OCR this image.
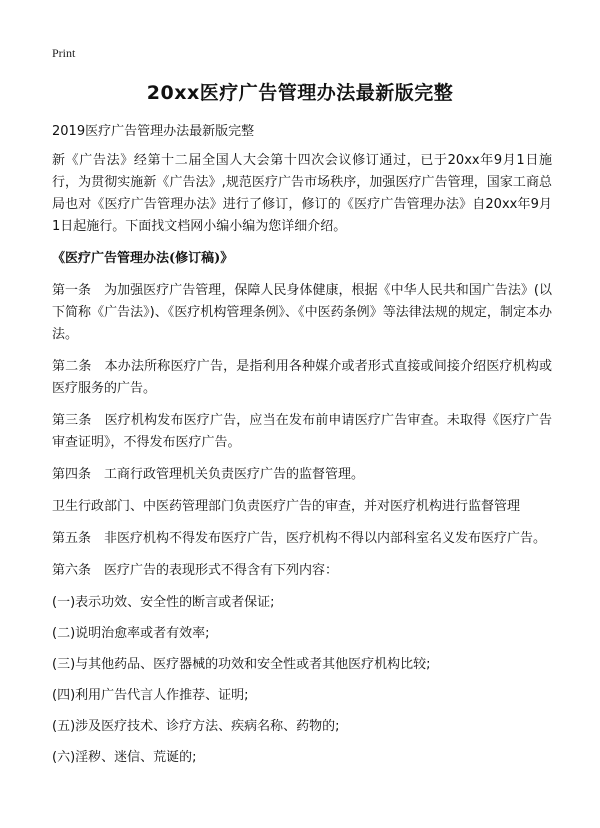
Print
20xx医疗广告管理办法最新版完整

2019医疗广告管理办法最新版完整

新《广告法》经第十二届全国人大会第十四次会议修订通过，已于20xx年9月1日施行，为贯彻实施新《广告法》,规范医疗广告市场秩序，加强医疗广告管理，国家工商总局也对《医疗广告管理办法》进行了修订，修订的《医疗广告管理办法》自20xx年9月1日起施行。下面找文档网小编小编为您详细介绍。

《医疗广告管理办法(修订稿)》

第一条　为加强医疗广告管理，保障人民身体健康，根据《中华人民共和国广告法》(以下简称《广告法》)、《医疗机构管理条例》、《中医药条例》等法律法规的规定，制定本办法。

第二条　本办法所称医疗广告，是指利用各种媒介或者形式直接或间接介绍医疗机构或医疗服务的广告。

第三条　医疗机构发布医疗广告，应当在发布前申请医疗广告审查。未取得《医疗广告审查证明》，不得发布医疗广告。

第四条　工商行政管理机关负责医疗广告的监督管理。

卫生行政部门、中医药管理部门负责医疗广告的审查，并对医疗机构进行监督管理

第五条　非医疗机构不得发布医疗广告，医疗机构不得以内部科室名义发布医疗广告。

第六条　医疗广告的表现形式不得含有下列内容：

(一)表示功效、安全性的断言或者保证;

(二)说明治愈率或者有效率;

(三)与其他药品、医疗器械的功效和安全性或者其他医疗机构比较;

(四)利用广告代言人作推荐、证明;

(五)涉及医疗技术、诊疗方法、疾病名称、药物的;

(六)淫秽、迷信、荒诞的;
